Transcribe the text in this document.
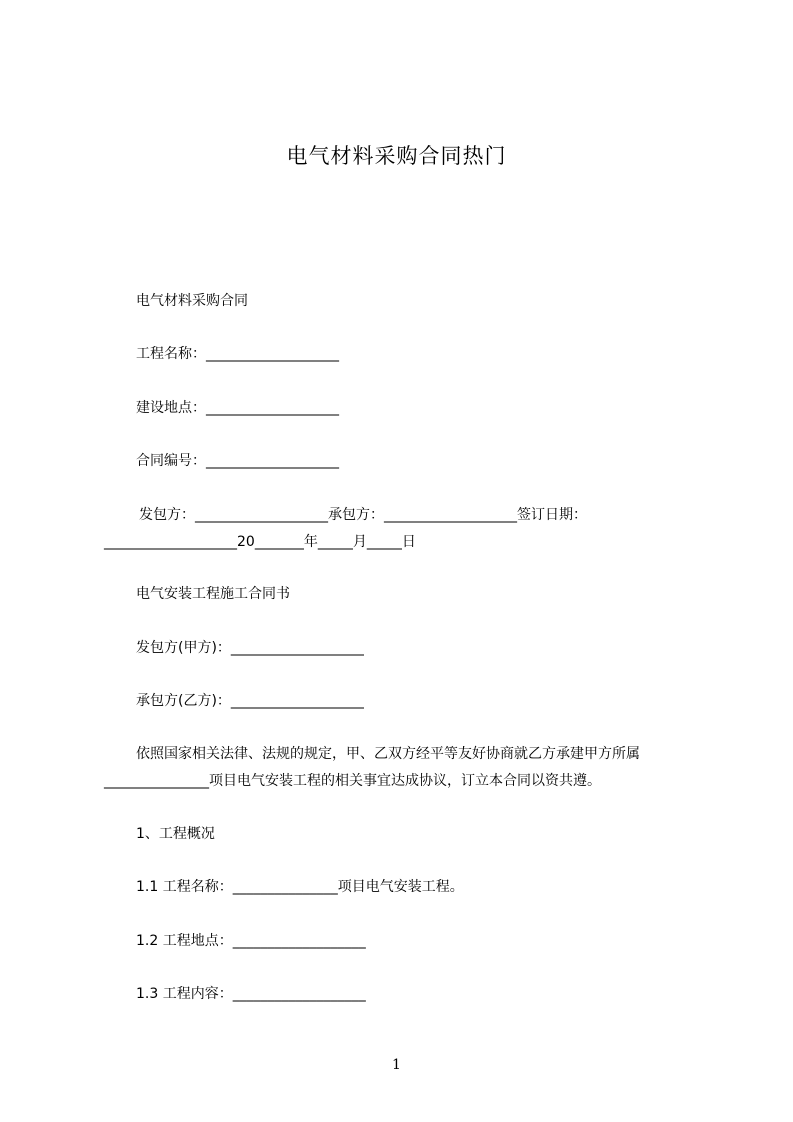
电气材料采购合同热门
电气材料采购合同
工程名称：___________________
建设地点：___________________
合同编号：___________________
发包方：___________________承包方：___________________签订日期：___________________20_______年_____月_____日
电气安装工程施工合同书
发包方(甲方)：___________________
承包方(乙方)：___________________
依照国家相关法律、法规的规定，甲、乙双方经平等友好协商就乙方承建甲方所属_______________项目电气安装工程的相关事宜达成协议，订立本合同以资共遵。
1、工程概况
1.1 工程名称：_______________项目电气安装工程。
1.2 工程地点：___________________
1.3 工程内容：___________________
1
